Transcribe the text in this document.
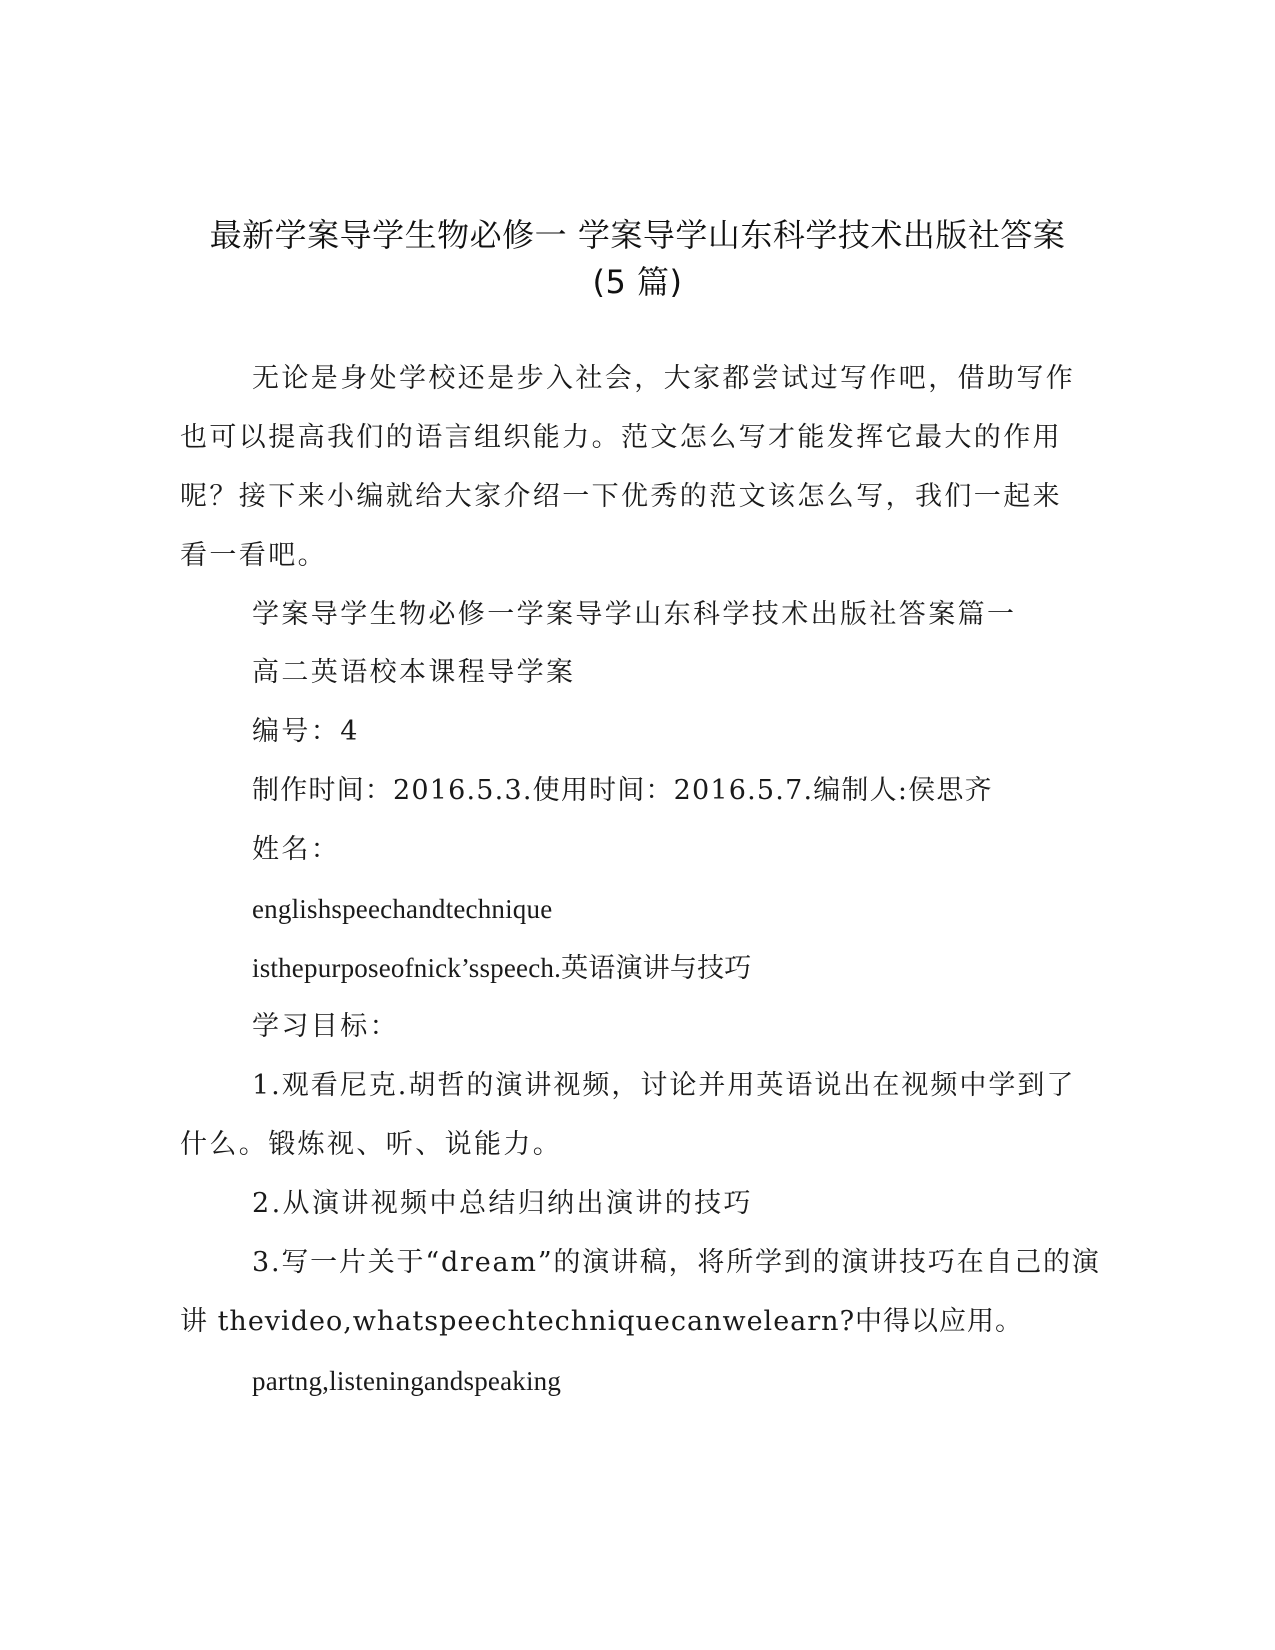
最新学案导学生物必修一 学案导学山东科学技术出版社答案
(5 篇)
无论是身处学校还是步入社会，大家都尝试过写作吧，借助写作
也可以提高我们的语言组织能力。范文怎么写才能发挥它最大的作用
呢？接下来小编就给大家介绍一下优秀的范文该怎么写，我们一起来
看一看吧。
学案导学生物必修一学案导学山东科学技术出版社答案篇一
高二英语校本课程导学案
编号：4
制作时间：2016.5.3.使用时间：2016.5.7.编制人:侯思齐
姓名：
englishspeechandtechnique
isthepurposeofnick’sspeech.英语演讲与技巧
学习目标：
1.观看尼克.胡哲的演讲视频，讨论并用英语说出在视频中学到了
什么。锻炼视、听、说能力。
2.从演讲视频中总结归纳出演讲的技巧
3.写一片关于“dream”的演讲稿，将所学到的演讲技巧在自己的演
讲 thevideo,whatspeechtechniquecanwelearn?中得以应用。
partng,listeningandspeaking
